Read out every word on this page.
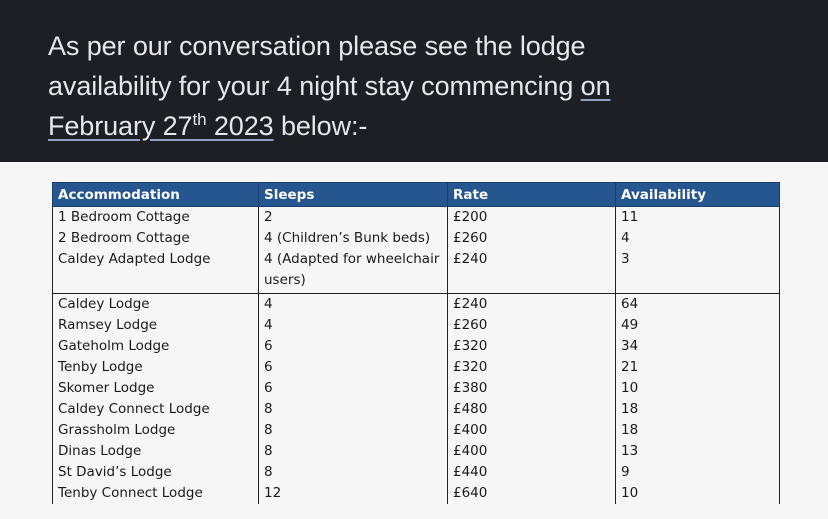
As per our conversation please see the lodge
availability for your 4 night stay commencing on
February 27th 2023 below:-
Accommodation	Sleeps	Rate	Availability
1 Bedroom Cottage	2	£200	11
2 Bedroom Cottage	4 (Children’s Bunk beds)	£260	4
Caldey Adapted Lodge	4 (Adapted for wheelchair users)	£240	3
Caldey Lodge	4	£240	64
Ramsey Lodge	4	£260	49
Gateholm Lodge	6	£320	34
Tenby Lodge	6	£320	21
Skomer Lodge	6	£380	10
Caldey Connect Lodge	8	£480	18
Grassholm Lodge	8	£400	18
Dinas Lodge	8	£400	13
St David’s Lodge	8	£440	9
Tenby Connect Lodge	12	£640	10
